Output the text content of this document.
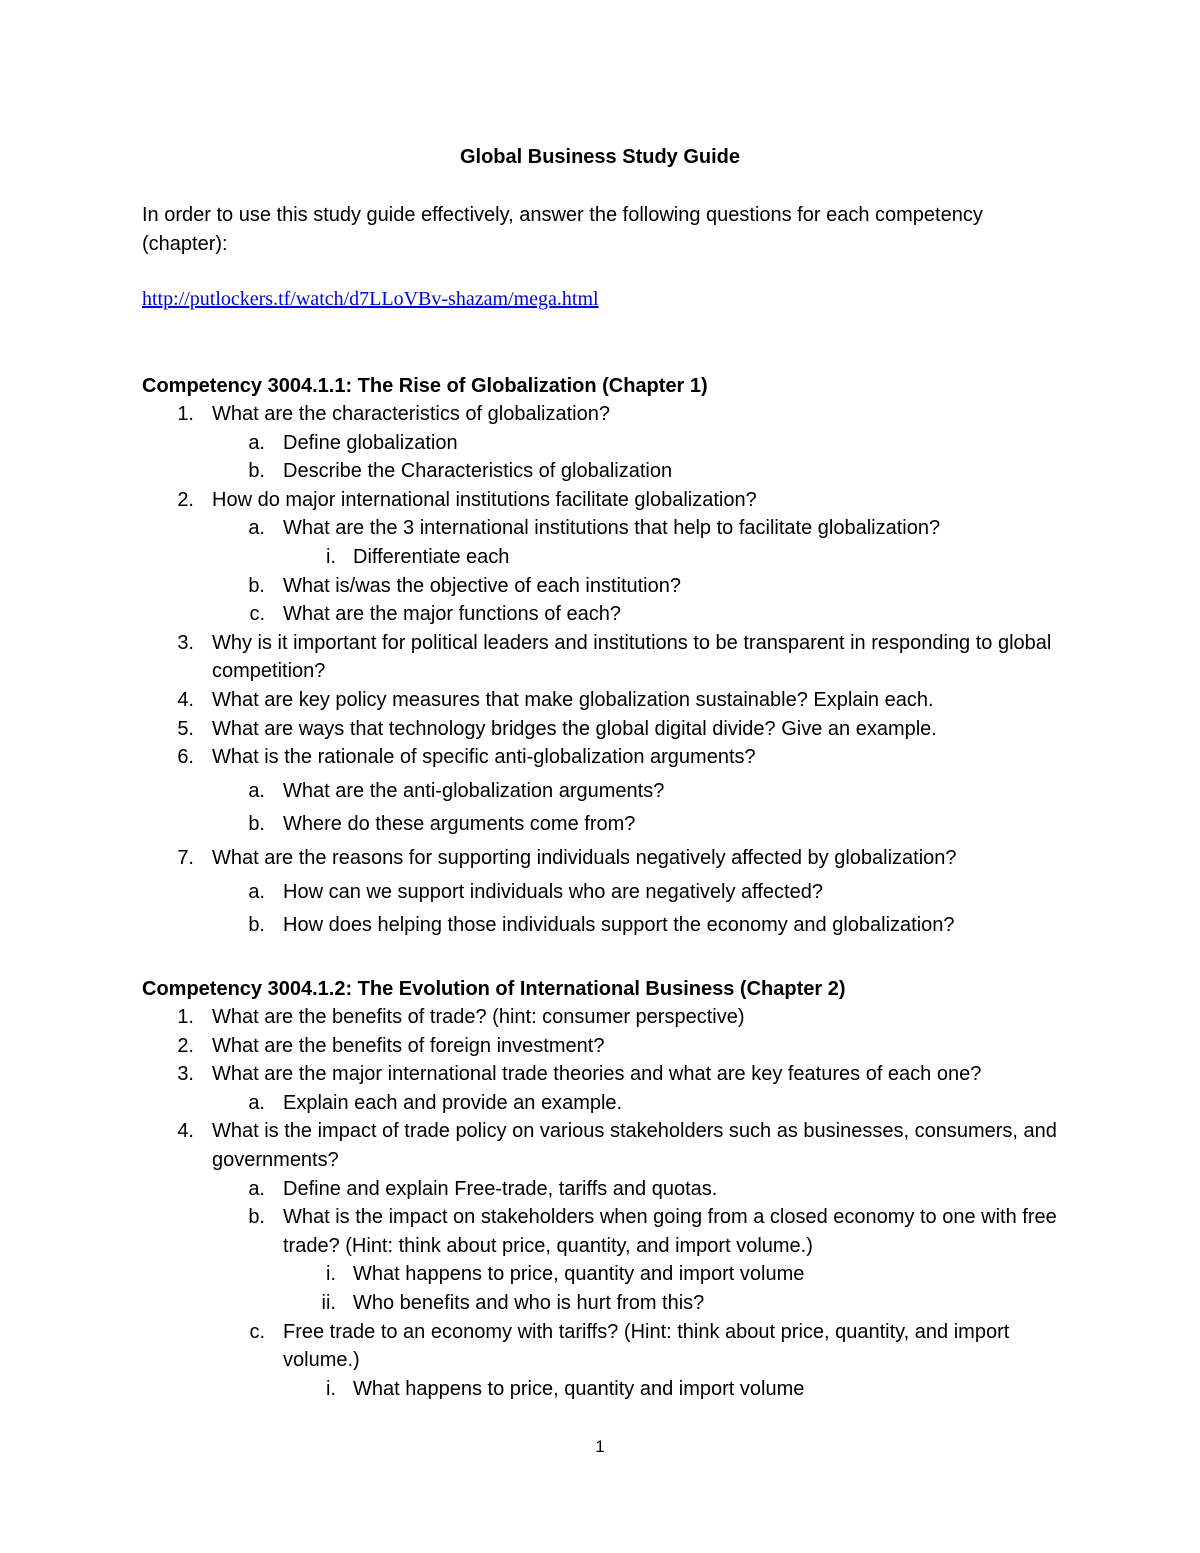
Global Business Study Guide
In order to use this study guide effectively, answer the following questions for each competency (chapter):
http://putlockers.tf/watch/d7LLoVBv-shazam/mega.html
Competency 3004.1.1: The Rise of Globalization (Chapter 1)
1. What are the characteristics of globalization?
a. Define globalization
b. Describe the Characteristics of globalization
2. How do major international institutions facilitate globalization?
a. What are the 3 international institutions that help to facilitate globalization?
i. Differentiate each
b. What is/was the objective of each institution?
c. What are the major functions of each?
3. Why is it important for political leaders and institutions to be transparent in responding to global competition?
4. What are key policy measures that make globalization sustainable? Explain each.
5. What are ways that technology bridges the global digital divide? Give an example.
6. What is the rationale of specific anti-globalization arguments?
a. What are the anti-globalization arguments?
b. Where do these arguments come from?
7. What are the reasons for supporting individuals negatively affected by globalization?
a. How can we support individuals who are negatively affected?
b. How does helping those individuals support the economy and globalization?
Competency 3004.1.2: The Evolution of International Business (Chapter 2)
1. What are the benefits of trade? (hint: consumer perspective)
2. What are the benefits of foreign investment?
3. What are the major international trade theories and what are key features of each one?
a. Explain each and provide an example.
4. What is the impact of trade policy on various stakeholders such as businesses, consumers, and governments?
a. Define and explain Free-trade, tariffs and quotas.
b. What is the impact on stakeholders when going from a closed economy to one with free trade? (Hint: think about price, quantity, and import volume.)
i. What happens to price, quantity and import volume
ii. Who benefits and who is hurt from this?
c. Free trade to an economy with tariffs? (Hint: think about price, quantity, and import volume.)
i. What happens to price, quantity and import volume
1
